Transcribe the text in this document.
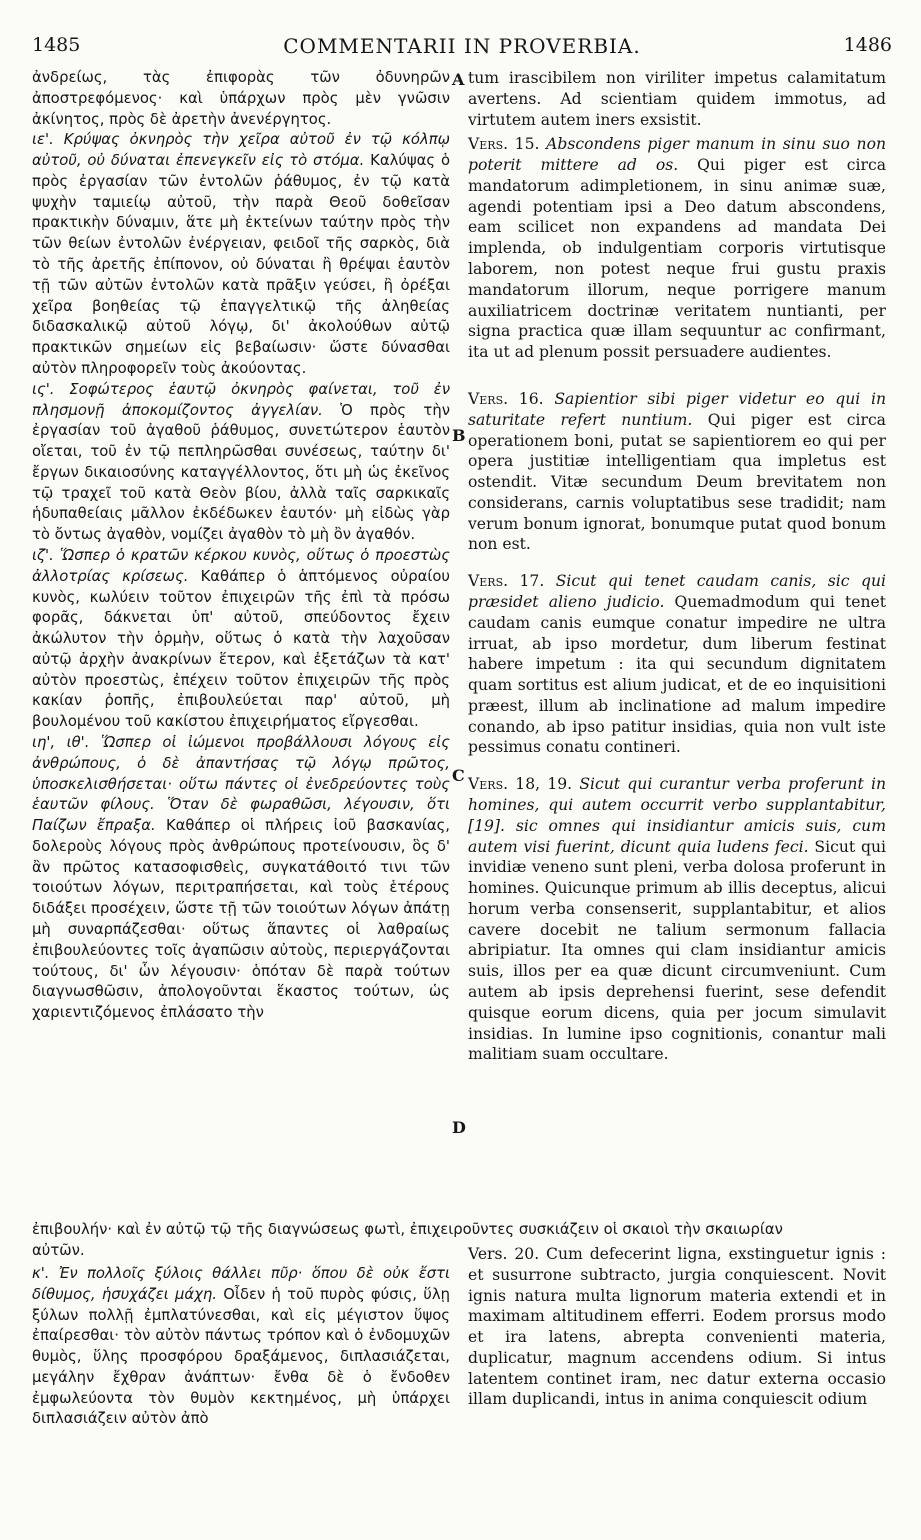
1485	COMMENTARII IN PROVERBIA.	1486
A
B
C
D

ἀνδρείως, τὰς ἐπιφορὰς τῶν ὀδυνηρῶν ἀποστρεφόμενος· καὶ ὑπάρχων πρὸς μὲν γνῶσιν ἀκίνητος, πρὸς δὲ ἀρετὴν ἀνενέργητος.

ιε'. Κρύψας ὀκνηρὸς τὴν χεῖρα αὐτοῦ ἐν τῷ κόλπῳ αὐτοῦ, οὐ δύναται ἐπενεγκεῖν εἰς τὸ στόμα. Καλύψας ὁ πρὸς ἐργασίαν τῶν ἐντολῶν ῥάθυμος, ἐν τῷ κατὰ ψυχὴν ταμιείῳ αὐτοῦ, τὴν παρὰ Θεοῦ δοθεῖσαν πρακτικὴν δύναμιν, ἅτε μὴ ἐκτείνων ταύτην πρὸς τὴν τῶν θείων ἐντολῶν ἐνέργειαν, φειδοῖ τῆς σαρκὸς, διὰ τὸ τῆς ἀρετῆς ἐπίπονον, οὐ δύναται ἢ θρέψαι ἑαυτὸν τῇ τῶν αὐτῶν ἐντολῶν κατὰ πρᾶξιν γεύσει, ἢ ὀρέξαι χεῖρα βοηθείας τῷ ἐπαγγελτικῷ τῆς ἀληθείας διδασκαλικῷ αὐτοῦ λόγῳ, δι' ἀκολούθων αὐτῷ πρακτικῶν σημείων εἰς βεβαίωσιν· ὥστε δύνασθαι αὐτὸν πληροφορεῖν τοὺς ἀκούοντας.

ις'. Σοφώτερος ἑαυτῷ ὀκνηρὸς φαίνεται, τοῦ ἐν πλησμονῇ ἀποκομίζοντος ἀγγελίαν. Ὁ πρὸς τὴν ἐργασίαν τοῦ ἀγαθοῦ ῥάθυμος, συνετώτερον ἑαυτὸν οἴεται, τοῦ ἐν τῷ πεπληρῶσθαι συνέσεως, ταύτην δι' ἔργων δικαιοσύνης καταγγέλλοντος, ὅτι μὴ ὡς ἐκεῖνος τῷ τραχεῖ τοῦ κατὰ Θεὸν βίου, ἀλλὰ ταῖς σαρκικαῖς ἡδυπαθείαις μᾶλλον ἐκδέδωκεν ἑαυτόν· μὴ εἰδὼς γὰρ τὸ ὄντως ἀγαθὸν, νομίζει ἀγαθὸν τὸ μὴ ὂν ἀγαθόν.

ιζ'. Ὥσπερ ὁ κρατῶν κέρκου κυνὸς, οὕτως ὁ προεστὼς ἀλλοτρίας κρίσεως. Καθάπερ ὁ ἁπτόμενος οὐραίου κυνὸς, κωλύειν τοῦτον ἐπιχειρῶν τῆς ἐπὶ τὰ πρόσω φορᾶς, δάκνεται ὑπ' αὐτοῦ, σπεύδοντος ἔχειν ἀκώλυτον τὴν ὁρμὴν, οὕτως ὁ κατὰ τὴν λαχοῦσαν αὐτῷ ἀρχὴν ἀνακρίνων ἕτερον, καὶ ἐξετάζων τὰ κατ' αὐτὸν προεστὼς, ἐπέχειν τοῦτον ἐπιχειρῶν τῆς πρὸς κακίαν ῥοπῆς, ἐπιβουλεύεται παρ' αὐτοῦ, μὴ βουλομένου τοῦ κακίστου ἐπιχειρήματος εἴργεσθαι.

ιη', ιθ'. Ὥσπερ οἱ ἰώμενοι προβάλλουσι λόγους εἰς ἀνθρώπους, ὁ δὲ ἀπαντήσας τῷ λόγῳ πρῶτος, ὑποσκελισθήσεται· οὕτω πάντες οἱ ἐνεδρεύοντες τοὺς ἑαυτῶν φίλους. Ὅταν δὲ φωραθῶσι, λέγουσιν, ὅτι Παίζων ἔπραξα. Καθάπερ οἱ πλήρεις ἰοῦ βασκανίας, δολεροὺς λόγους πρὸς ἀνθρώπους προτείνουσιν, ὃς δ' ἂν πρῶτος κατασοφισθεὶς, συγκατάθοιτό τινι τῶν τοιούτων λόγων, περιτραπήσεται, καὶ τοὺς ἑτέρους διδάξει προσέχειν, ὥστε τῇ τῶν τοιούτων λόγων ἀπάτῃ μὴ συναρπάζεσθαι· οὕτως ἅπαντες οἱ λαθραίως ἐπιβουλεύοντες τοῖς ἀγαπῶσιν αὐτοὺς, περιεργάζονται τούτους, δι' ὧν λέγουσιν· ὁπόταν δὲ παρὰ τούτων διαγνωσθῶσιν, ἀπολογοῦνται ἕκαστος τούτων, ὡς χαριεντιζόμενος ἐπλάσατο τὴν

tum irascibilem non viriliter impetus calamitatum avertens. Ad scientiam quidem immotus, ad virtutem autem iners exsistit.

Vers. 15. Abscondens piger manum in sinu suo non poterit mittere ad os. Qui piger est circa mandatorum adimpletionem, in sinu animæ suæ, agendi potentiam ipsi a Deo datum abscondens, eam scilicet non expandens ad mandata Dei implenda, ob indulgentiam corporis virtutisque laborem, non potest neque frui gustu praxis mandatorum illorum, neque porrigere manum auxiliatricem doctrinæ veritatem nuntianti, per signa practica quæ illam sequuntur ac confirmant, ita ut ad plenum possit persuadere audientes.

Vers. 16. Sapientior sibi piger videtur eo qui in saturitate refert nuntium. Qui piger est circa operationem boni, putat se sapientiorem eo qui per opera justitiæ intelligentiam qua impletus est ostendit. Vitæ secundum Deum brevitatem non considerans, carnis voluptatibus sese tradidit; nam verum bonum ignorat, bonumque putat quod bonum non est.

Vers. 17. Sicut qui tenet caudam canis, sic qui præsidet alieno judicio. Quemadmodum qui tenet caudam canis eumque conatur impedire ne ultra irruat, ab ipso mordetur, dum liberum festinat habere impetum : ita qui secundum dignitatem quam sortitus est alium judicat, et de eo inquisitioni præest, illum ab inclinatione ad malum impedire conando, ab ipso patitur insidias, quia non vult iste pessimus conatu contineri.

Vers. 18, 19. Sicut qui curantur verba proferunt in homines, qui autem occurrit verbo supplantabitur, [19]. sic omnes qui insidiantur amicis suis, cum autem visi fuerint, dicunt quia ludens feci. Sicut qui invidiæ veneno sunt pleni, verba dolosa proferunt in homines. Quicunque primum ab illis deceptus, alicui horum verba consenserit, supplantabitur, et alios cavere docebit ne talium sermonum fallacia abripiatur. Ita omnes qui clam insidiantur amicis suis, illos per ea quæ dicunt circumveniunt. Cum autem ab ipsis deprehensi fuerint, sese defendit quisque eorum dicens, quia per jocum simulavit insidias. In lumine ipso cognitionis, conantur mali malitiam suam occultare.

ἐπιβουλήν· καὶ ἐν αὐτῷ τῷ τῆς διαγνώσεως φωτὶ, ἐπιχειροῦντες συσκιάζειν οἱ σκαιοὶ τὴν σκαιωρίαν
αὐτῶν.

κ'. Ἐν πολλοῖς ξύλοις θάλλει πῦρ· ὅπου δὲ οὐκ ἔστι δίθυμος, ἡσυχάζει μάχη. Οἶδεν ἡ τοῦ πυρὸς φύσις, ὕλῃ ξύλων πολλῇ ἐμπλατύνεσθαι, καὶ εἰς μέγιστον ὕψος ἐπαίρεσθαι· τὸν αὐτὸν πάντως τρόπον καὶ ὁ ἐνδομυχῶν θυμὸς, ὕλης προσφόρου δραξάμενος, διπλασιάζεται, μεγάλην ἔχθραν ἀνάπτων· ἔνθα δὲ ὁ ἔνδοθεν ἐμφωλεύοντα τὸν θυμὸν κεκτημένος, μὴ ὑπάρχει διπλασιάζειν αὐτὸν ἀπὸ

Vers. 20. Cum defecerint ligna, exstinguetur ignis : et susurrone subtracto, jurgia conquiescent. Novit ignis natura multa lignorum materia extendi et in maximam altitudinem efferri. Eodem prorsus modo et ira latens, abrepta convenienti materia, duplicatur, magnum accendens odium. Si intus latentem continet iram, nec datur externa occasio illam duplicandi, intus in anima conquiescit odium
